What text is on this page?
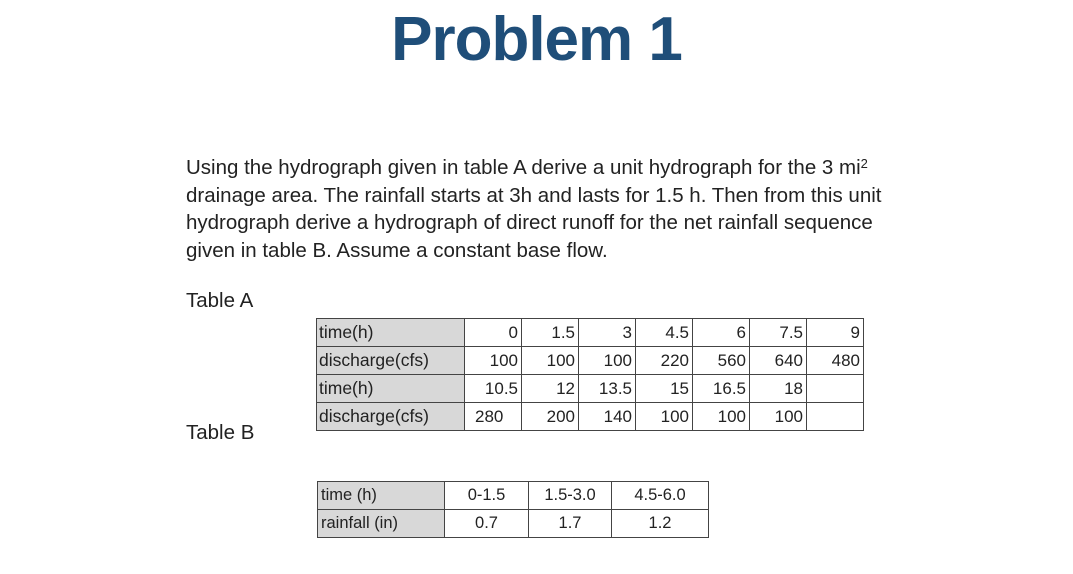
Problem 1
Using the hydrograph given in table A derive a unit hydrograph for the 3 $mi^2$ drainage area. The rainfall starts at 3h and lasts for 1.5 h. Then from this unit hydrograph derive a hydrograph of direct runoff for the net rainfall sequence given in table B. Assume a constant base flow.
Table A
Table B
time(h)	0	1.5	3	4.5	6	7.5	9
discharge(cfs)	100	100	100	220	560	640	480
time(h)	10.5	12	13.5	15	16.5	18	
discharge(cfs)	280	200	140	100	100	100	
time (h)	0-1.5	1.5-3.0	4.5-6.0
rainfall (in)	0.7	1.7	1.2
